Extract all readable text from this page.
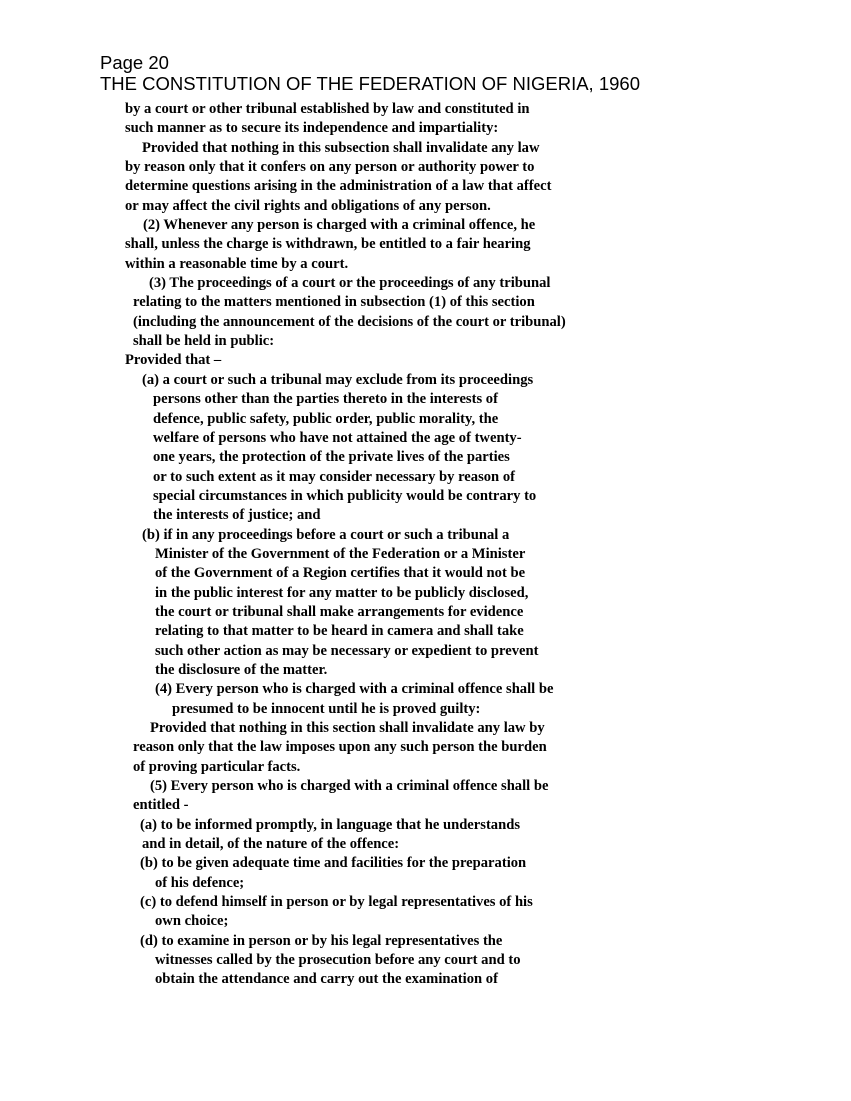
Page 20
THE CONSTITUTION OF THE FEDERATION OF NIGERIA, 1960
by a court or other tribunal established by law and constituted in
such manner as to secure its independence and impartiality:
Provided that nothing in this subsection shall invalidate any law
by reason only that it confers on any person or authority power to
determine questions arising in the administration of a law that affect
or may affect the civil rights and obligations of any person.
(2) Whenever any person is charged with a criminal offence, he
shall, unless the charge is withdrawn, be entitled to a fair hearing
within a reasonable time by a court.
(3) The proceedings of a court or the proceedings of any tribunal
relating to the matters mentioned in subsection (1) of this section
(including the announcement of the decisions of the court or tribunal)
shall be held in public:
Provided that –
(a) a court or such a tribunal may exclude from its proceedings
persons other than the parties thereto in the interests of
defence, public safety, public order, public morality, the
welfare of persons who have not attained the age of twenty-
one years, the protection of the private lives of the parties
or to such extent as it may consider necessary by reason of
special circumstances in which publicity would be contrary to
the interests of justice; and
(b) if in any proceedings before a court or such a tribunal a
Minister of the Government of the Federation or a Minister
of the Government of a Region certifies that it would not be
in the public interest for any matter to be publicly disclosed,
the court or tribunal shall make arrangements for evidence
relating to that matter to be heard in camera and shall take
such other action as may be necessary or expedient to prevent
the disclosure of the matter.
(4) Every person who is charged with a criminal offence shall be
presumed to be innocent until he is proved guilty:
Provided that nothing in this section shall invalidate any law by
reason only that the law imposes upon any such person the burden
of proving particular facts.
(5) Every person who is charged with a criminal offence shall be
entitled -
(a) to be informed promptly, in language that he understands
and in detail, of the nature of the offence:
(b) to be given adequate time and facilities for the preparation
of his defence;
(c) to defend himself in person or by legal representatives of his
own choice;
(d) to examine in person or by his legal representatives the
witnesses called by the prosecution before any court and to
obtain the attendance and carry out the examination of
